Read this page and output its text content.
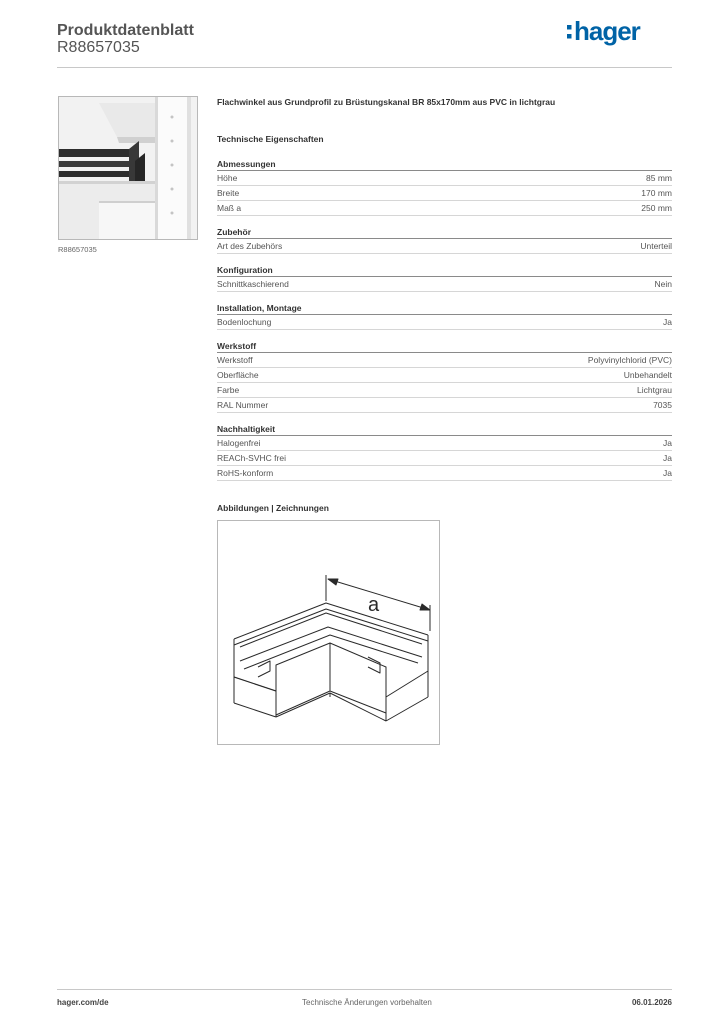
Produktdatenblatt
R88657035
hager
R88657035
Flachwinkel aus Grundprofil zu Brüstungskanal BR 85x170mm aus PVC in lichtgrau
Technische Eigenschaften
Abmessungen
Höhe	85 mm
Breite	170 mm
Maß a	250 mm
Zubehör
Art des Zubehörs	Unterteil
Konfiguration
Schnittkaschierend	Nein
Installation, Montage
Bodenlochung	Ja
Werkstoff
Werkstoff	Polyvinylchlorid (PVC)
Oberfläche	Unbehandelt
Farbe	Lichtgrau
RAL Nummer	7035
Nachhaltigkeit
Halogenfrei	Ja
REACh-SVHC frei	Ja
RoHS-konform	Ja
Abbildungen | Zeichnungen
a
hager.com/de	Technische Änderungen vorbehalten	06.01.2026
